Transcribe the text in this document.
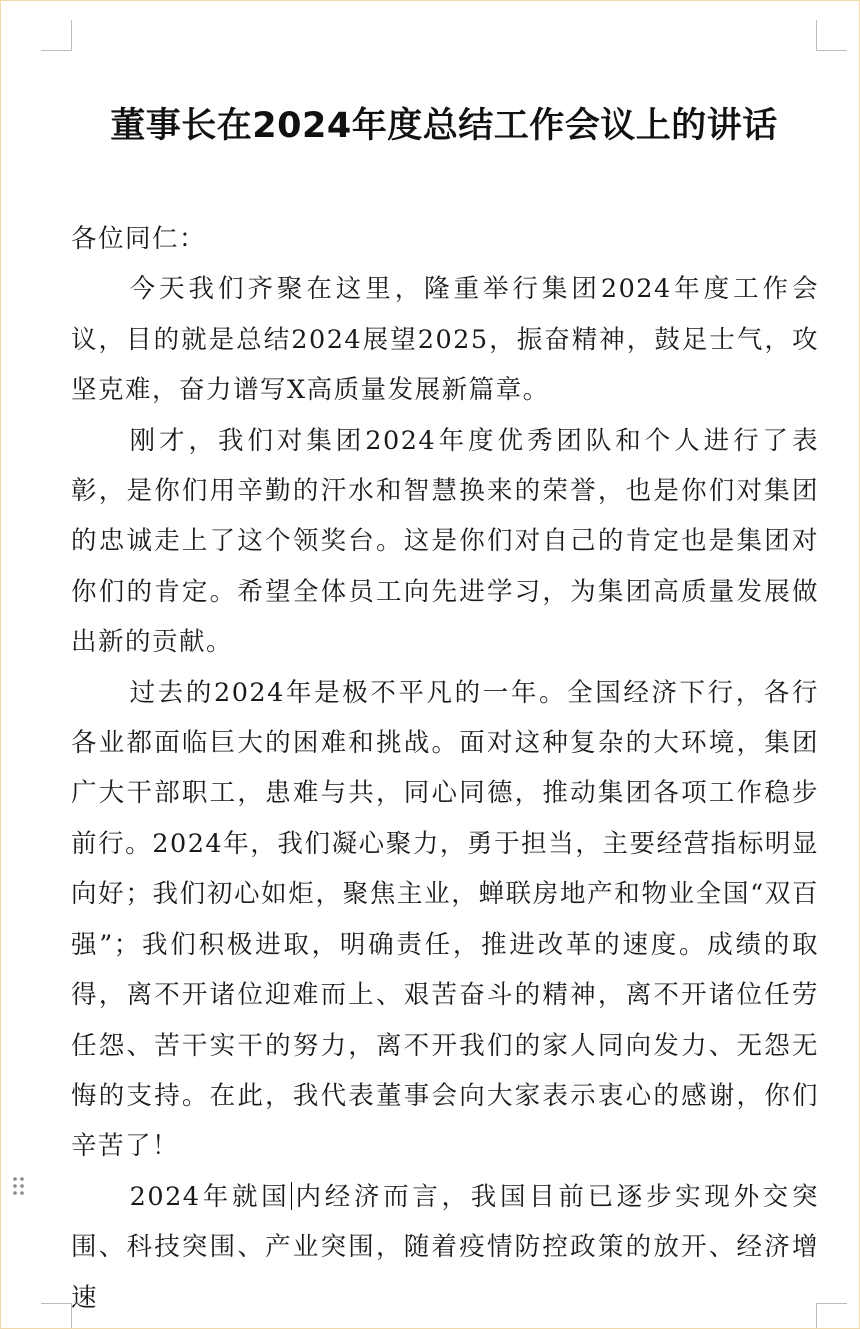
董事长在2024年度总结工作会议上的讲话

各位同仁：

今天我们齐聚在这里，隆重举行集团2024年度工作会议，目的就是总结2024展望2025，振奋精神，鼓足士气，攻坚克难，奋力谱写X高质量发展新篇章。

刚才，我们对集团2024年度优秀团队和个人进行了表彰，是你们用辛勤的汗水和智慧换来的荣誉，也是你们对集团的忠诚走上了这个领奖台。这是你们对自己的肯定也是集团对你们的肯定。希望全体员工向先进学习，为集团高质量发展做出新的贡献。

过去的2024年是极不平凡的一年。全国经济下行，各行各业都面临巨大的困难和挑战。面对这种复杂的大环境，集团广大干部职工，患难与共，同心同德，推动集团各项工作稳步前行。2024年，我们凝心聚力，勇于担当，主要经营指标明显向好；我们初心如炬，聚焦主业，蝉联房地产和物业全国“双百强”；我们积极进取，明确责任，推进改革的速度。成绩的取得，离不开诸位迎难而上、艰苦奋斗的精神，离不开诸位任劳任怨、苦干实干的努力，离不开我们的家人同向发力、无怨无悔的支持。在此，我代表董事会向大家表示衷心的感谢，你们辛苦了！

2024年就国 内经济而言，我国目前已逐步实现外交突围、科技突围、产业突围，随着疫情防控政策的放开、经济增速
